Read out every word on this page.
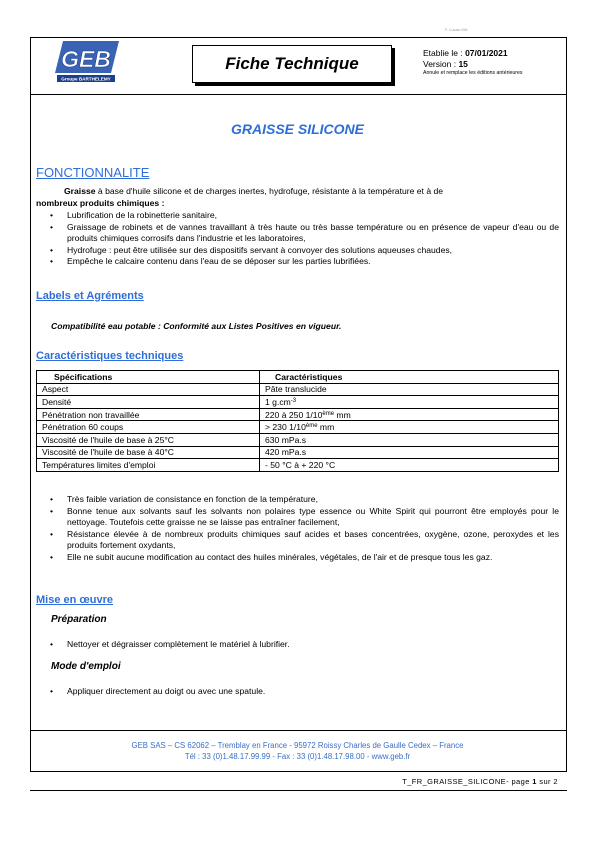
F. Lucas GM
GEB
Groupe BARTHELEMY
Fiche Technique
Etablie le : 07/01/2021
Version : 15
Annule et remplace les éditions antérieures
GRAISSE SILICONE
FONCTIONNALITE
Graisse à base d'huile silicone et de charges inertes, hydrofuge, résistante à la température et à de
nombreux produits chimiques :
• Lubrification de la robinetterie sanitaire,
• Graissage de robinets et de vannes travaillant à très haute ou très basse température ou en présence de vapeur d'eau ou de produits chimiques corrosifs dans l'industrie et les laboratoires,
• Hydrofuge : peut être utilisée sur des dispositifs servant à convoyer des solutions aqueuses chaudes,
• Empêche le calcaire contenu dans l'eau de se déposer sur les parties lubrifiées.
Labels et Agréments
Compatibilité eau potable : Conformité aux Listes Positives en vigueur.
Caractéristiques techniques
Spécifications	Caractéristiques
Aspect	Pâte translucide
Densité	1 $g.cm^{-3}$
Pénétration non travaillée	220 à 250 1/10ème mm
Pénétration 60 coups	> 230 1/10ème mm
Viscosité de l'huile de base à 25°C	630 mPa.s
Viscosité de l'huile de base à 40°C	420 mPa.s
Températures limites d'emploi	- 50 °C à + 220 °C
• Très faible variation de consistance en fonction de la température,
• Bonne tenue aux solvants sauf les solvants non polaires type essence ou White Spirit qui pourront être employés pour le nettoyage. Toutefois cette graisse ne se laisse pas entraîner facilement,
• Résistance élevée à de nombreux produits chimiques sauf acides et bases concentrées, oxygène, ozone, peroxydes et les produits fortement oxydants,
• Elle ne subit aucune modification au contact des huiles minérales, végétales, de l'air et de presque tous les gaz.
Mise en œuvre
Préparation
• Nettoyer et dégraisser complètement le matériel à lubrifier.
Mode d'emploi
• Appliquer directement au doigt ou avec une spatule.
GEB SAS – CS 62062 – Tremblay en France - 95972 Roissy Charles de Gaulle Cedex – France
Tél : 33 (0)1.48.17.99.99 - Fax : 33 (0)1.48.17.98.00 - www.geb.fr
T_FR_GRAISSE_SILICONE- page 1 sur 2
